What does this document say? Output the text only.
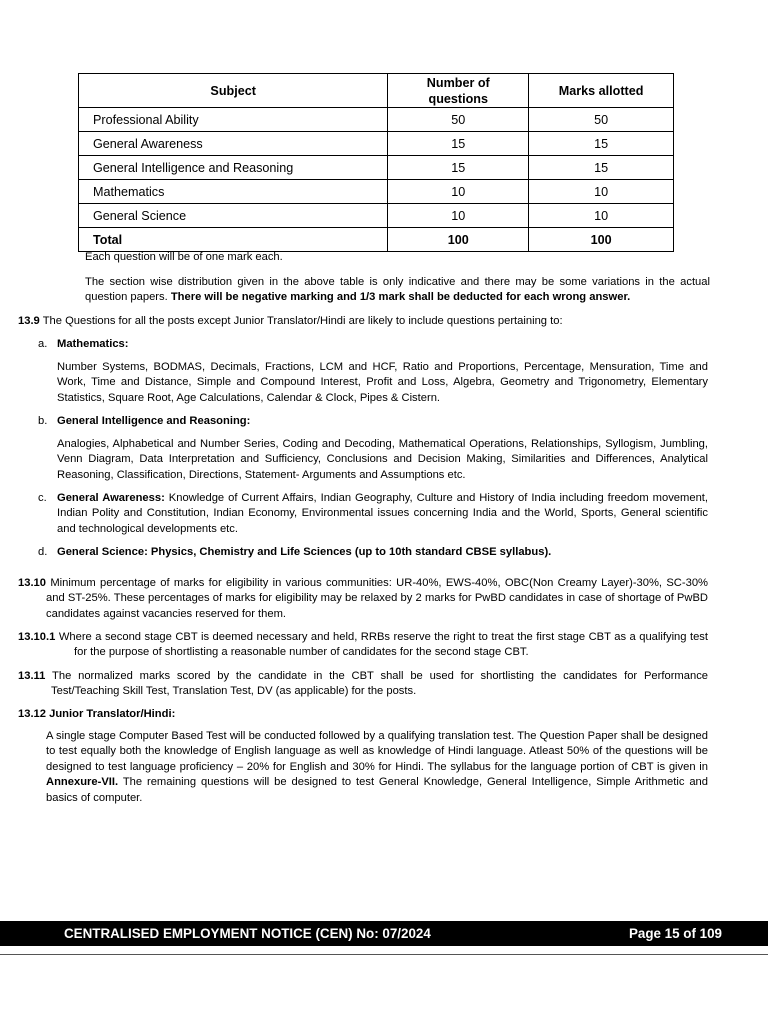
Subject	Number of questions	Marks allotted
Professional Ability	50	50
General Awareness	15	15
General Intelligence and Reasoning	15	15
Mathematics	10	10
General Science	10	10
Total	100	100
Each question will be of one mark each.
The section wise distribution given in the above table is only indicative and there may be some variations in the actual question papers. There will be negative marking and 1/3 mark shall be deducted for each wrong answer.
13.9 The Questions for all the posts except Junior Translator/Hindi are likely to include questions pertaining to:
a. Mathematics:
Number Systems, BODMAS, Decimals, Fractions, LCM and HCF, Ratio and Proportions, Percentage, Mensuration, Time and Work, Time and Distance, Simple and Compound Interest, Profit and Loss, Algebra, Geometry and Trigonometry, Elementary Statistics, Square Root, Age Calculations, Calendar & Clock, Pipes & Cistern.
b. General Intelligence and Reasoning:
Analogies, Alphabetical and Number Series, Coding and Decoding, Mathematical Operations, Relationships, Syllogism, Jumbling, Venn Diagram, Data Interpretation and Sufficiency, Conclusions and Decision Making, Similarities and Differences, Analytical Reasoning, Classification, Directions, Statement- Arguments and Assumptions etc.
c. General Awareness: Knowledge of Current Affairs, Indian Geography, Culture and History of India including freedom movement, Indian Polity and Constitution, Indian Economy, Environmental issues concerning India and the World, Sports, General scientific and technological developments etc.
d. General Science: Physics, Chemistry and Life Sciences (up to 10th standard CBSE syllabus).
13.10 Minimum percentage of marks for eligibility in various communities: UR-40%, EWS-40%, OBC(Non Creamy Layer)-30%, SC-30% and ST-25%. These percentages of marks for eligibility may be relaxed by 2 marks for PwBD candidates in case of shortage of PwBD candidates against vacancies reserved for them.
13.10.1 Where a second stage CBT is deemed necessary and held, RRBs reserve the right to treat the first stage CBT as a qualifying test for the purpose of shortlisting a reasonable number of candidates for the second stage CBT.
13.11 The normalized marks scored by the candidate in the CBT shall be used for shortlisting the candidates for Performance Test/Teaching Skill Test, Translation Test, DV (as applicable) for the posts.
13.12 Junior Translator/Hindi:
A single stage Computer Based Test will be conducted followed by a qualifying translation test. The Question Paper shall be designed to test equally both the knowledge of English language as well as knowledge of Hindi language. Atleast 50% of the questions will be designed to test language proficiency – 20% for English and 30% for Hindi. The syllabus for the language portion of CBT is given in Annexure-VII. The remaining questions will be designed to test General Knowledge, General Intelligence, Simple Arithmetic and basics of computer.
CENTRALISED EMPLOYMENT NOTICE (CEN) No: 07/2024	Page 15 of 109
